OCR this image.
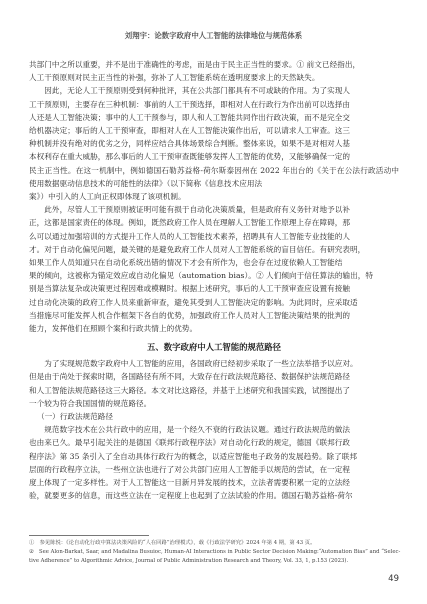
刘翔宇：论数字政府中人工智能的法律地位与规范体系

共部门中之所以重要，并不是出于准确性的考虑，而是由于民主正当性的要求。① 前文已经指出，
人工干预原则对民主正当性的补强，弥补了人工智能系统在透明度要求上的天然缺失。

　　因此，无论人工干预原则受到何种批评，其在公共部门都具有不可或缺的作用。为了实现人
工干预原则，主要存在三种机制：事前的人工干预选择，即相对人在行政行为作出前可以选择由
人还是人工智能决策；事中的人工干预参与，即人和人工智能共同作出行政决策，而不是完全交
给机器决定；事后的人工干预审查，即相对人在人工智能决策作出后，可以请求人工审查。这三
种机制并没有绝对的优劣之分，同样应结合具体场景综合判断。整体来说，如果不是对相对人基
本权利存在重大威胁，那么事后的人工干预审查既能够发挥人工智能的优势，又能够确保一定的
民主正当性。在这一机制中，例如德国石勒苏益格-荷尔斯泰因州在 2022 年出台的《关于在公法行政活动中使用数据驱动信息技术的可能性的法律》（以下简称《信息技术应用法
案》）中引入的人工向正权即体现了该项机制。

　　此外，尽管人工干预原则被证明可能有损于自动化决策质量，但是政府有义务针对地予以补
正，这都是国家责任的体现。例如，既然政府工作人员在理解人工智能工作原理上存在障碍，那
么可以通过加强培训的方式提升工作人员的人工智能技术素养，招聘具有人工智能专业技能的人
才。对于自动化偏见问题，最关键的是避免政府工作人员对人工智能系统的盲目信任。有研究表明，
如果工作人员知道只在自动化系统出错的情况下才会有所作为，也会存在过度依赖人工智能结
果的倾向，这被称为锚定效应或自动化偏见（automation bias）。② 人们倾向于信任算法的输出，特
别是当算法复杂或决策更过程因难或模糊时。根据上述研究，事后的人工干预审查应设置有接触
过自动化决策的政府工作人员来重新审查，避免其受到人工智能决定的影响。为此同时，应采取适
当措施尽可能发挥人机合作框架下各自的优势，加强政府工作人员对人工智能决策结果的批判的
能力，发挥他们在照顾个案和行政共情上的优势。

五、数字政府中人工智能的规范路径

　　为了实现规范数字政府中人工智能的应用，各国政府已经初步采取了一些立法举措予以应对。
但是由于尚处于探索时期，各国路径有所不同，大致存在行政法规范路径、数据保护法规范路径
和人工智能法规范路径这三大路径。本文对比这路径，并基于上述研究和我国实践，试图提出了
一个较为符合我国国情的规范路径。

（一）行政法规范路径

　　规范数字技术在公共行政中的应用，是一个经久不衰的行政法议题。通过行政法规范的做法
也由来已久。最早引起关注的是德国《联邦行政程序法》对自动化行政的规定，德国《联邦行政
程序法》第 35 条引入了全自动具体行政行为的概念，以适应智能电子政务的发展趋势。除了联邦
层面的行政程序立法，一些州立法也进行了对公共部门应用人工智能手以规范的尝试，在一定程
度上体现了一定多样性。对于人工智能这一目新月异发展的技术，立法者需要积累一定的立法经
验，就要更多的信息，而这些立法在一定程度上也起到了立法试验的作用。德国石勒苏益格-荷尔

①　参见陈悦：《论自动化行政中算法决策风险的“人在回路”治理模式》，载《行政法学研究》2024 年第 4 期，第 43 页。

②　See Alon-Barkat, Saar, and Madalina Busuioc, Human-AI Interactions in Public Sector Decision Making:“Automation Bias” and “Selec-
tive Adherence” to Algorithmic Advice, Journal of Public Administration Research and Theory, Vol. 33, 1, p.153 (2023).

49
